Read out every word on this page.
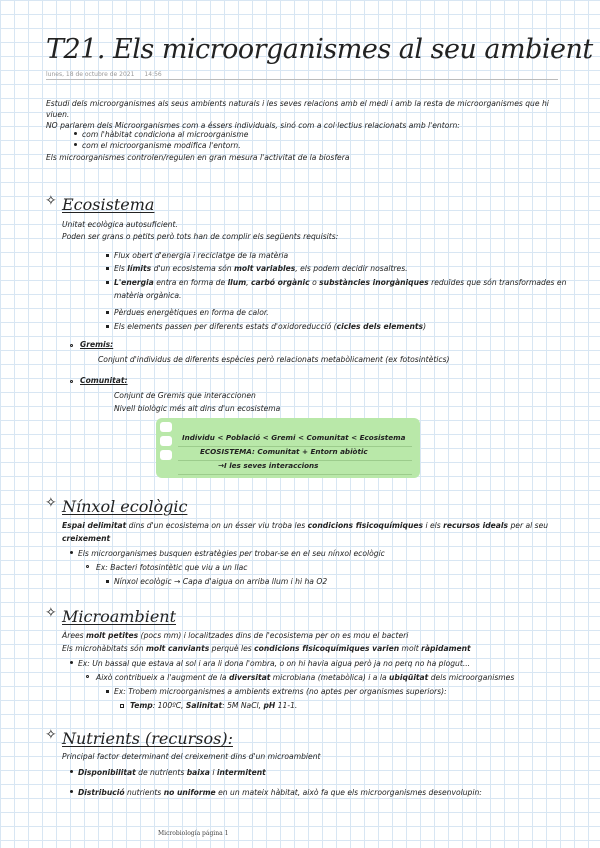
T21. Els microorganismes al seu ambient
lunes, 18 de octubre de 2021 14:56
Estudi dels microorganismes als seus ambients naturals i les seves relacions amb el medi i amb la resta de microorganismes que hi
viuen.
NO parlarem dels Microorganismes com a éssers individuals, sinó com a col·lectius relacionats amb l'entorn:
com l'hàbitat condiciona al microorganisme
com el microorganisme modifica l'entorn.
Els microorganismes controlen/regulen en gran mesura l'activitat de la biosfera
✧ Ecosistema
Unitat ecològica autosuficient.
Poden ser grans o petits però tots han de complir els següents requisits:
Flux obert d'energia i reciclatge de la matèria
Els límits d'un ecosistema són molt variables, els podem decidir nosaltres.
L'energia entra en forma de llum, carbó orgànic o substàncies inorgàniques reduïdes que són transformades en
matèria orgànica.
Pèrdues energètiques en forma de calor.
Els elements passen per diferents estats d'oxidoreducció (cicles dels elements)
Gremis:
Conjunt d'individus de diferents espècies però relacionats metabòlicament (ex fotosintètics)
Comunitat:
Conjunt de Gremis que interaccionen
Nivell biològic més alt dins d'un ecosistema
Individu < Població < Gremi < Comunitat < Ecosistema
ECOSISTEMA: Comunitat + Entorn abiòtic
→I les seves interaccions
✧ Nínxol ecològic
Espai delimitat dins d'un ecosistema on un ésser viu troba les condicions fisicoquímiques i els recursos ideals per al seu
creixement
Els microorganismes busquen estratègies per trobar-se en el seu nínxol ecològic
Ex: Bacteri fotosintètic que viu a un llac
Nínxol ecològic → Capa d'aigua on arriba llum i hi ha O2
✧ Microambient
Àrees molt petites (pocs mm) i localitzades dins de l'ecosistema per on es mou el bacteri
Els microhàbitats són molt canviants perquè les condicions fisicoquímiques varien molt ràpidament
Ex: Un bassal que estava al sol i ara li dona l'ombra, o on hi havia aigua però ja no perq no ha plogut...
Això contribueix a l'augment de la diversitat microbiana (metabòlica) i a la ubiqüitat dels microorganismes
Ex: Trobem microorganismes a ambients extrems (no aptes per organismes superiors):
Temp: 100ºC, Salinitat: 5M NaCl, pH 11-1.
✧ Nutrients (recursos):
Principal factor determinant del creixement dins d'un microambient
Disponibilitat de nutrients baixa i intermitent
Distribució nutrients no uniforme en un mateix hàbitat, això fa que els microorganismes desenvolupin:
Microbiología página 1
